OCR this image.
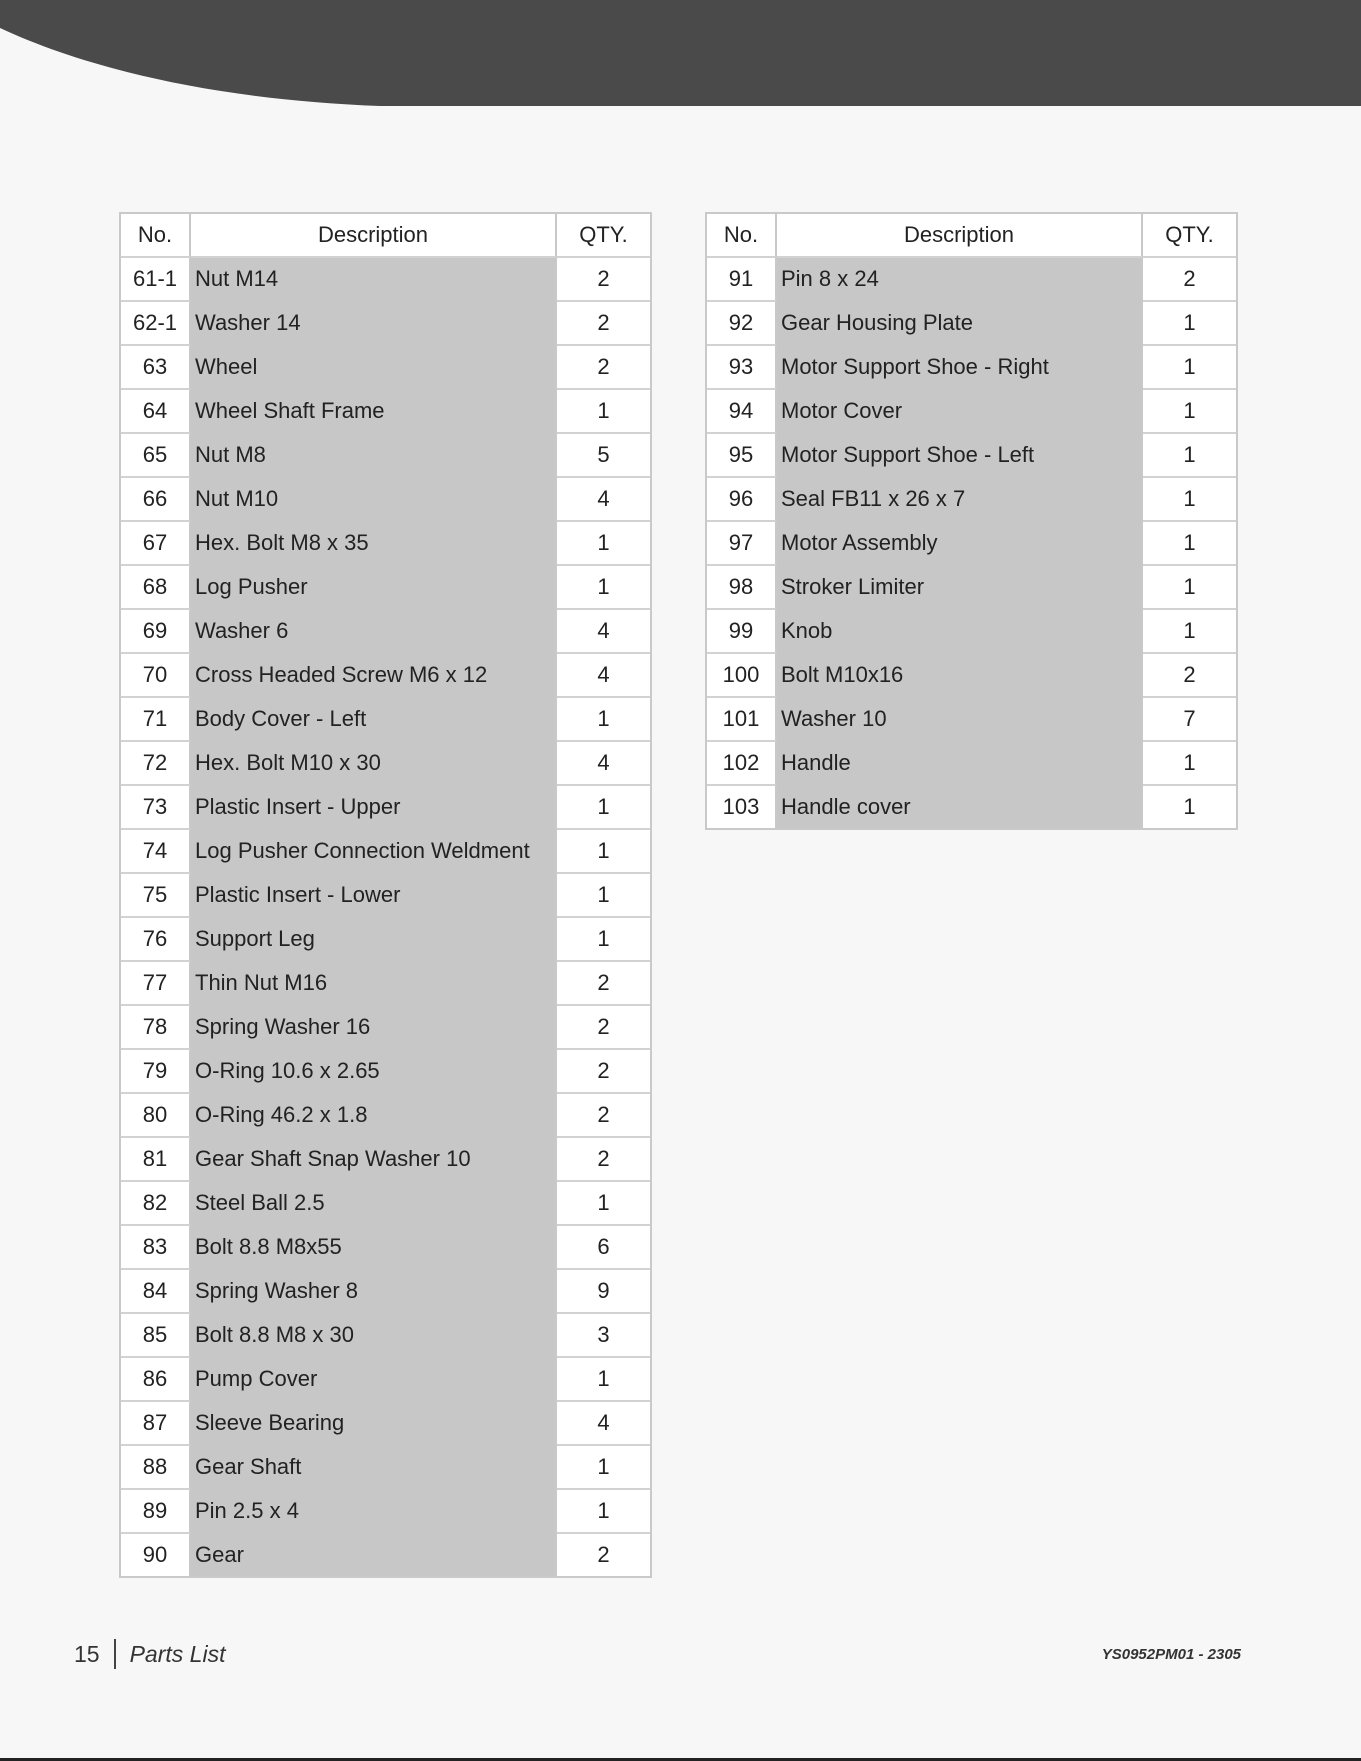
No.	Description	QTY.
61-1	Nut M14	2
62-1	Washer 14	2
63	Wheel	2
64	Wheel Shaft Frame	1
65	Nut M8	5
66	Nut M10	4
67	Hex. Bolt M8 x 35	1
68	Log Pusher	1
69	Washer 6	4
70	Cross Headed Screw M6 x 12	4
71	Body Cover - Left	1
72	Hex. Bolt M10 x 30	4
73	Plastic Insert - Upper	1
74	Log Pusher Connection Weldment	1
75	Plastic Insert - Lower	1
76	Support Leg	1
77	Thin Nut M16	2
78	Spring Washer 16	2
79	O-Ring 10.6 x 2.65	2
80	O-Ring 46.2 x 1.8	2
81	Gear Shaft Snap Washer 10	2
82	Steel Ball 2.5	1
83	Bolt 8.8 M8x55	6
84	Spring Washer 8	9
85	Bolt 8.8 M8 x 30	3
86	Pump Cover	1
87	Sleeve Bearing	4
88	Gear Shaft	1
89	Pin 2.5 x 4	1
90	Gear	2
No.	Description	QTY.
91	Pin 8 x 24	2
92	Gear Housing Plate	1
93	Motor Support Shoe - Right	1
94	Motor Cover	1
95	Motor Support Shoe - Left	1
96	Seal FB11 x 26 x 7	1
97	Motor Assembly	1
98	Stroker Limiter	1
99	Knob	1
100	Bolt M10x16	2
101	Washer 10	7
102	Handle	1
103	Handle cover	1
15 Parts List	YS0952PM01 - 2305
